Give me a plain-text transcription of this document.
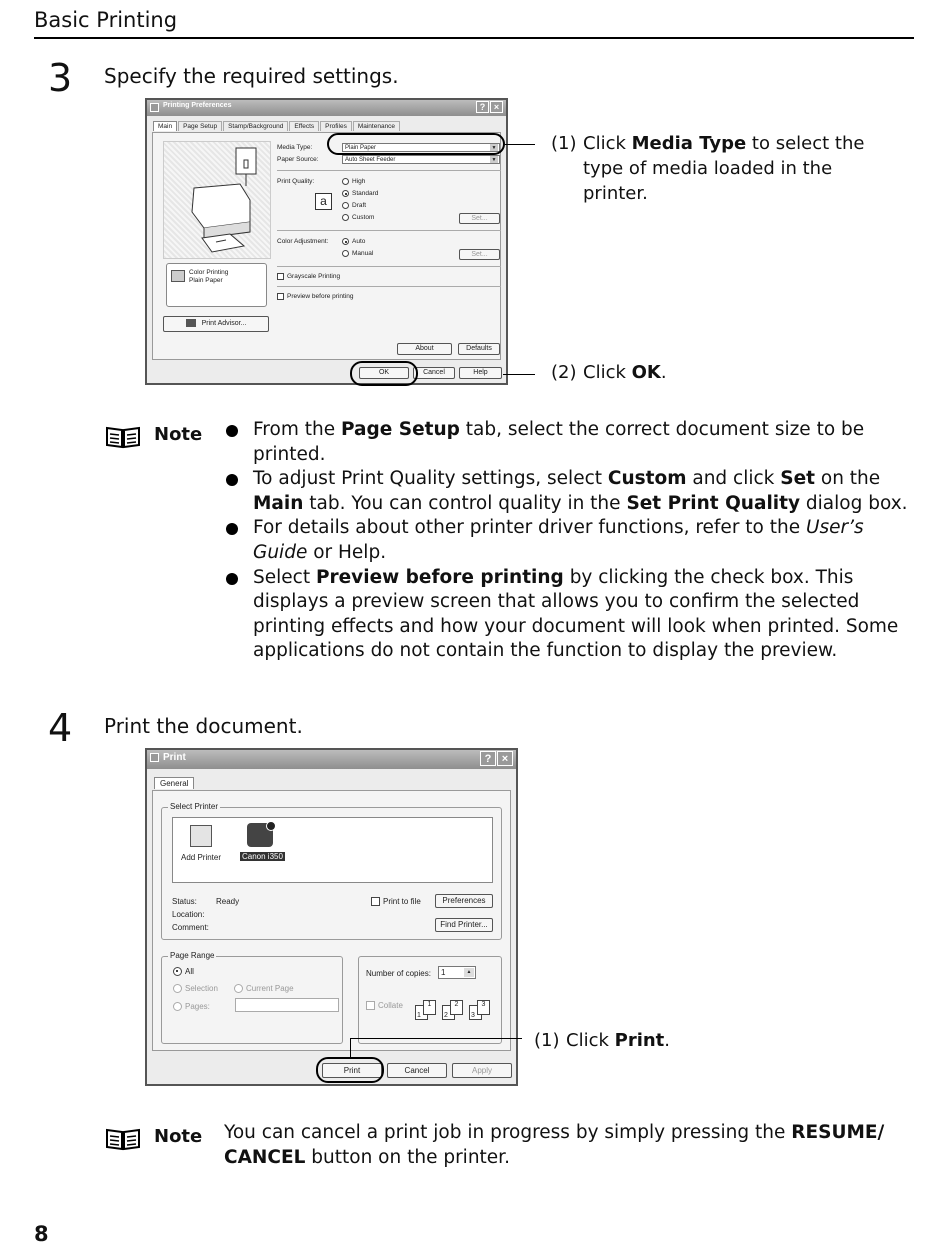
Basic Printing
3 Specify the required settings.
Printing Preferences	? ×
Main	Page Setup	Stamp/Background	Effects	Profiles	Maintenance
Color Printing
Plain Paper
Print Advisor...
Media Type:	Plain Paper	▼
Paper Source:	Auto Sheet Feeder	▼
Print Quality:
a
High
Standard
Draft
Custom	Set...
Color Adjustment:	Auto
Manual	Set...
Grayscale Printing
Preview before printing
About	Defaults
OK	Cancel	Help
(1) Click Media Type to select the type of media loaded in the printer.
(2) Click OK.
Note	From the Page Setup tab, select the correct document size to be printed.
To adjust Print Quality settings, select Custom and click Set on the Main tab. You can control quality in the Set Print Quality dialog box.
For details about other printer driver functions, refer to the User’s Guide or Help.
Select Preview before printing by clicking the check box. This displays a preview screen that allows you to confirm the selected printing effects and how your document will look when printed. Some applications do not contain the function to display the preview.
4 Print the document.
Print	? ×
General
Select Printer
Add Printer	Canon i350
Status: Ready
Location:
Comment:
Print to file	Preferences
Find Printer...
Page Range
All
Selection	Current Page
Pages:
Number of copies:	1	▲
Collate
1
1
2
2
3
3
Print	Cancel	Apply
(1) Click Print.
Note You can cancel a print job in progress by simply pressing the RESUME/ CANCEL button on the printer.
8
